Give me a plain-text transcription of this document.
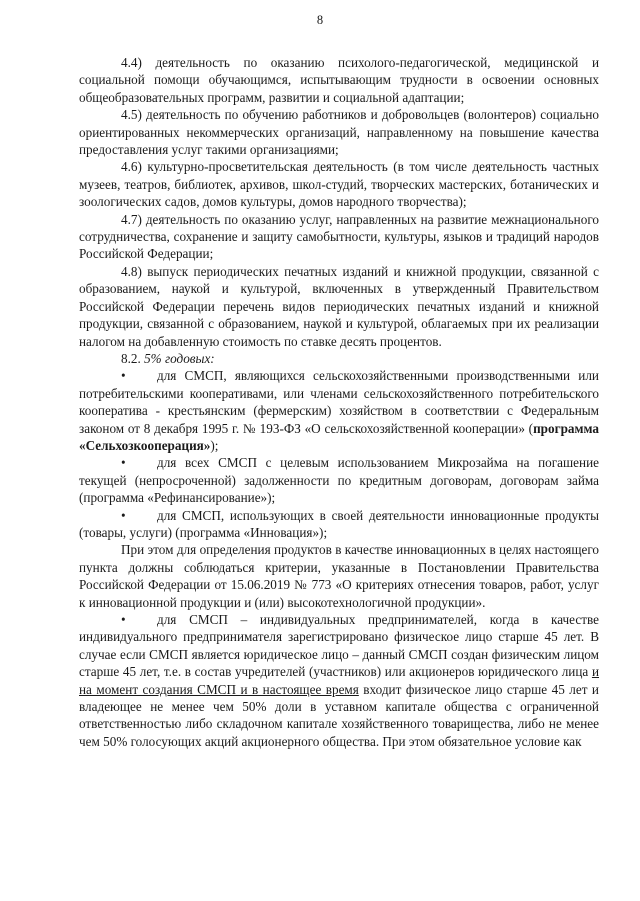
8

4.4) деятельность по оказанию психолого-педагогической, медицинской и социальной помощи обучающимся, испытывающим трудности в освоении основных общеобразовательных программ, развитии и социальной адаптации;

4.5) деятельность по обучению работников и добровольцев (волонтеров) социально ориентированных некоммерческих организаций, направленному на повышение качества предоставления услуг такими организациями;

4.6) культурно-просветительская деятельность (в том числе деятельность частных музеев, театров, библиотек, архивов, школ-студий, творческих мастерских, ботанических и зоологических садов, домов культуры, домов народного творчества);

4.7) деятельность по оказанию услуг, направленных на развитие межнационального сотрудничества, сохранение и защиту самобытности, культуры, языков и традиций народов Российской Федерации;

4.8) выпуск периодических печатных изданий и книжной продукции, связанной с образованием, наукой и культурой, включенных в утвержденный Правительством Российской Федерации перечень видов периодических печатных изданий и книжной продукции, связанной с образованием, наукой и культурой, облагаемых при их реализации налогом на добавленную стоимость по ставке десять процентов.

8.2. 5% годовых:

• для СМСП, являющихся сельскохозяйственными производственными или потребительскими кооперативами, или членами сельскохозяйственного потребительского кооператива - крестьянским (фермерским) хозяйством в соответствии с Федеральным законом от 8 декабря 1995 г. № 193-ФЗ «О сельскохозяйственной кооперации» (программа «Сельхозкооперация»);

• для всех СМСП с целевым использованием Микрозайма на погашение текущей (непросроченной) задолженности по кредитным договорам, договорам займа (программа «Рефинансирование»);

• для СМСП, использующих в своей деятельности инновационные продукты (товары, услуги) (программа «Инновация»);

При этом для определения продуктов в качестве инновационных в целях настоящего пункта должны соблюдаться критерии, указанные в Постановлении Правительства Российской Федерации от 15.06.2019 № 773 «О критериях отнесения товаров, работ, услуг к инновационной продукции и (или) высокотехнологичной продукции».

• для СМСП – индивидуальных предпринимателей, когда в качестве индивидуального предпринимателя зарегистрировано физическое лицо старше 45 лет. В случае если СМСП является юридическое лицо – данный СМСП создан физическим лицом старше 45 лет, т.е. в состав учредителей (участников) или акционеров юридического лица и на момент создания СМСП и в настоящее время входит физическое лицо старше 45 лет и владеющее не менее чем 50% доли в уставном капитале общества с ограниченной ответственностью либо складочном капитале хозяйственного товарищества, либо не менее чем 50% голосующих акций акционерного общества. При этом обязательное условие как
